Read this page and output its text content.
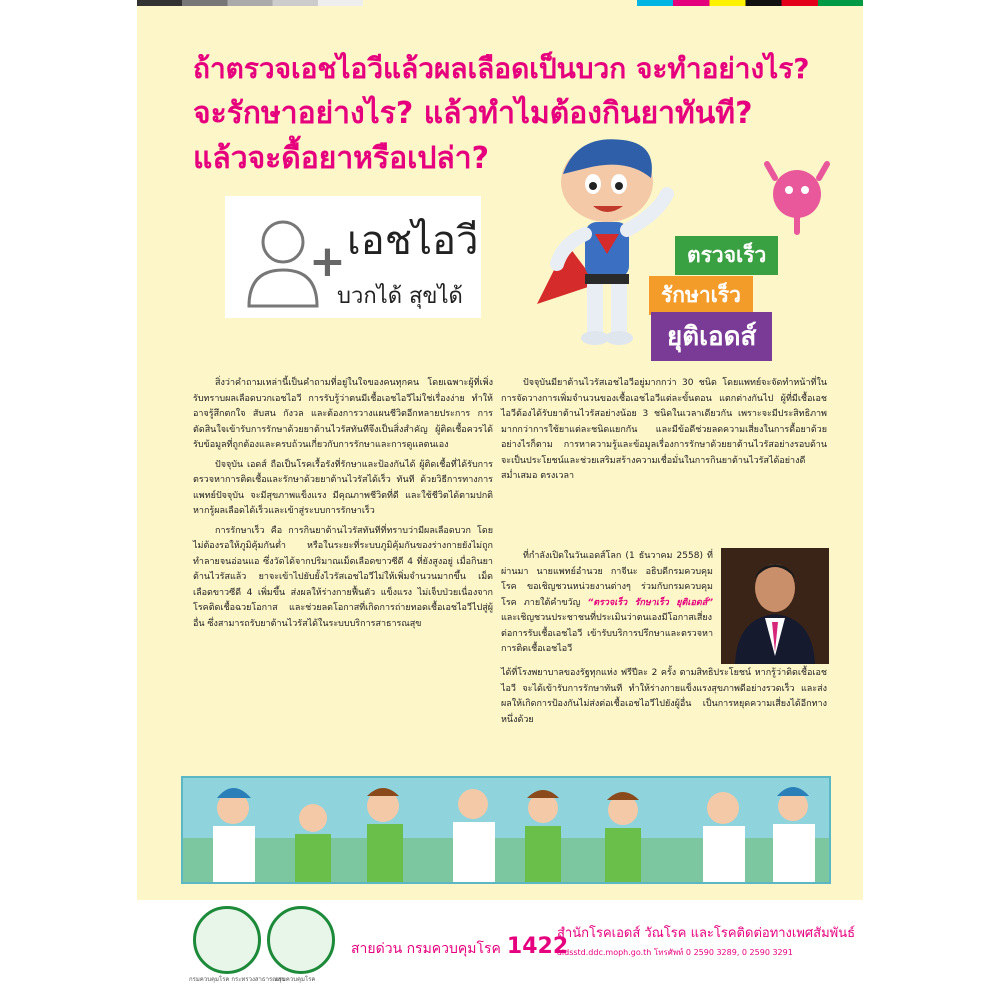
ถ้าตรวจเอชไอวีแล้วผลเลือดเป็นบวก จะทำอย่างไร?
จะรักษาอย่างไร? แล้วทำไมต้องกินยาทันที?
แล้วจะดื้อยาหรือเปล่า?
+ เอชไอวี
บวกได้ สุขได้
ตรวจเร็ว
รักษาเร็ว
ยุติเอดส์

สิ่งว่าคำถามเหล่านี้เป็นคำถามที่อยู่ในใจของคนทุกคน โดยเฉพาะผู้ที่เพิ่งรับทราบผลเลือดบวกเอชไอวี การรับรู้ว่าตนมีเชื้อเอชไอวีไม่ใช่เรื่องง่าย ทำให้อาจรู้สึกตกใจ สับสน กังวล และต้องการวางแผนชีวิตอีกหลายประการ การตัดสินใจเข้ารับการรักษาด้วยยาต้านไวรัสทันทีจึงเป็นสิ่งสำคัญ ผู้ติดเชื้อควรได้รับข้อมูลที่ถูกต้องและครบถ้วนเกี่ยวกับการรักษาและการดูแลตนเอง

ปัจจุบัน เอดส์ ถือเป็นโรคเรื้อรังที่รักษาและป้องกันได้ ผู้ติดเชื้อที่ได้รับการตรวจหาการติดเชื้อและรักษาด้วยยาต้านไวรัสได้เร็ว ทันที ด้วยวิธีการทางการแพทย์ปัจจุบัน จะมีสุขภาพแข็งแรง มีคุณภาพชีวิตที่ดี และใช้ชีวิตได้ตามปกติ หากรู้ผลเลือดได้เร็วและเข้าสู่ระบบการรักษาเร็ว

การรักษาเร็ว คือ การกินยาต้านไวรัสทันทีที่ทราบว่ามีผลเลือดบวก โดยไม่ต้องรอให้ภูมิคุ้มกันต่ำ หรือในระยะที่ระบบภูมิคุ้มกันของร่างกายยังไม่ถูกทำลายจนอ่อนแอ ซึ่งวัดได้จากปริมาณเม็ดเลือดขาวซีดี 4 ที่ยังสูงอยู่ เมื่อกินยาต้านไวรัสแล้ว ยาจะเข้าไปยับยั้งไวรัสเอชไอวีไม่ให้เพิ่มจำนวนมากขึ้น เม็ดเลือดขาวซีดี 4 เพิ่มขึ้น ส่งผลให้ร่างกายฟื้นตัว แข็งแรง ไม่เจ็บป่วยเนื่องจากโรคติดเชื้อฉวยโอกาส และช่วยลดโอกาสที่เกิดการถ่ายทอดเชื้อเอชไอวีไปสู่ผู้อื่น ซึ่งสามารถรับยาต้านไวรัสได้ในระบบบริการสาธารณสุข

ปัจจุบันมียาต้านไวรัสเอชไอวีอยู่มากกว่า 30 ชนิด โดยแพทย์จะจัดทำหน้าที่ในการจัดวางการเพิ่มจำนวนของเชื้อเอชไอวีแต่ละขั้นตอน แตกต่างกันไป ผู้ที่มีเชื้อเอชไอวีต้องได้รับยาต้านไวรัสอย่างน้อย 3 ชนิดในเวลาเดียวกัน เพราะจะมีประสิทธิภาพมากกว่าการใช้ยาแต่ละชนิดแยกกัน และมีข้อดีช่วยลดความเสี่ยงในการดื้อยาด้วย อย่างไรก็ตาม การหาความรู้และข้อมูลเรื่องการรักษาด้วยยาต้านไวรัสอย่างรอบด้าน จะเป็นประโยชน์และช่วยเสริมสร้างความเชื่อมั่นในการกินยาต้านไวรัสได้อย่างดี สม่ำเสมอ ตรงเวลา

ที่กำลังเปิดในวันเอดส์โลก (1 ธันวาคม 2558) ที่ผ่านมา นายแพทย์อำนวย กาจีนะ อธิบดีกรมควบคุมโรค ขอเชิญชวนหน่วยงานต่างๆ ร่วมกับกรมควบคุมโรค ภายใต้คำขวัญ “ตรวจเร็ว รักษาเร็ว ยุติเอดส์” และเชิญชวนประชาชนที่ประเมินว่าตนเองมีโอกาสเสี่ยงต่อการรับเชื้อเอชไอวี เข้ารับบริการปรึกษาและตรวจหาการติดเชื้อเอชไอวี

ได้ที่โรงพยาบาลของรัฐทุกแห่ง ฟรีปีละ 2 ครั้ง ตามสิทธิประโยชน์ หากรู้ว่าติดเชื้อเอชไอวี จะได้เข้ารับการรักษาทันที ทำให้ร่างกายแข็งแรงสุขภาพดีอย่างรวดเร็ว และส่งผลให้เกิดการป้องกันไม่ส่งต่อเชื้อเอชไอวีไปยังผู้อื่น เป็นการหยุดความเสี่ยงได้อีกทางหนึ่งด้วย

กรมควบคุมโรค กระทรวงสาธารณสุข
กรมควบคุมโรค
สายด่วน กรมควบคุมโรค 1422
สำนักโรคเอดส์ วัณโรค และโรคติดต่อทางเพศสัมพันธ์
aidsstd.ddc.moph.go.th โทรศัพท์ 0 2590 3289, 0 2590 3291
